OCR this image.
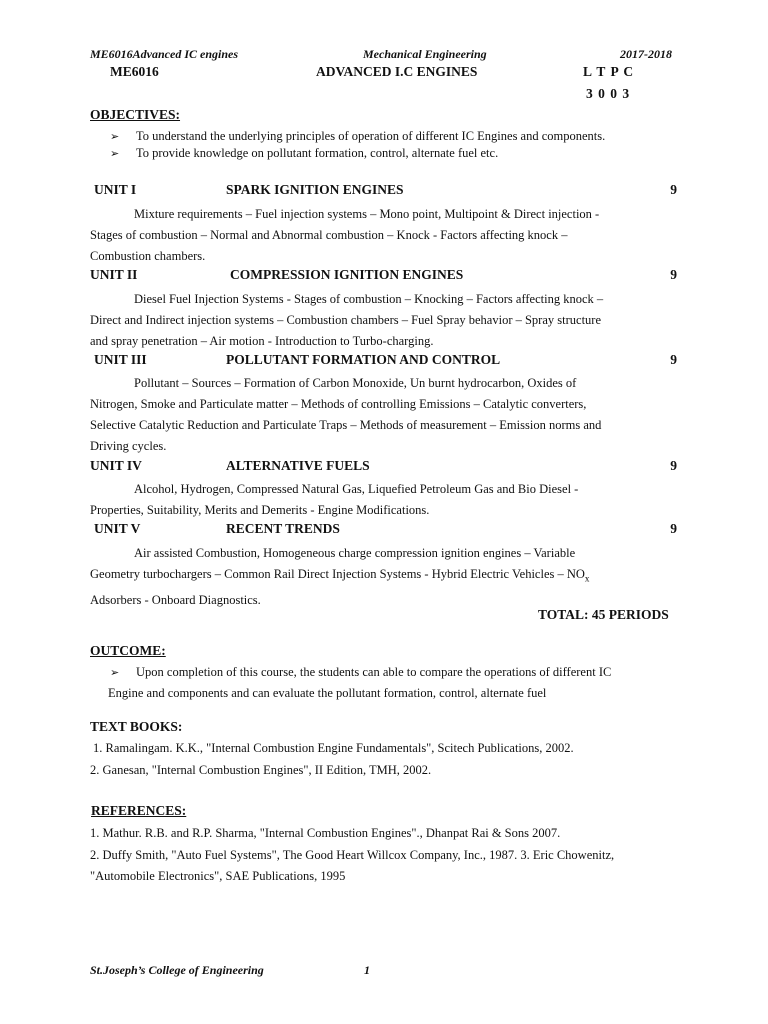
ME6016Advanced IC engines	Mechanical Engineering	2017-2018
ME6016	ADVANCED I.C ENGINES	L T P C
3 0 0 3
OBJECTIVES:
➢ To understand the underlying principles of operation of different IC Engines and components.
➢ To provide knowledge on pollutant formation, control, alternate fuel etc.
UNIT I	SPARK IGNITION ENGINES	9
Mixture requirements – Fuel injection systems – Mono point, Multipoint & Direct injection -
Stages of combustion – Normal and Abnormal combustion – Knock - Factors affecting knock –
Combustion chambers.
UNIT II	COMPRESSION IGNITION ENGINES	9
Diesel Fuel Injection Systems - Stages of combustion – Knocking – Factors affecting knock –
Direct and Indirect injection systems – Combustion chambers – Fuel Spray behavior – Spray structure
and spray penetration – Air motion - Introduction to Turbo-charging.
UNIT III	POLLUTANT FORMATION AND CONTROL	9
Pollutant – Sources – Formation of Carbon Monoxide, Un burnt hydrocarbon, Oxides of
Nitrogen, Smoke and Particulate matter – Methods of controlling Emissions – Catalytic converters,
Selective Catalytic Reduction and Particulate Traps – Methods of measurement – Emission norms and
Driving cycles.
UNIT IV	ALTERNATIVE FUELS	9
Alcohol, Hydrogen, Compressed Natural Gas, Liquefied Petroleum Gas and Bio Diesel -
Properties, Suitability, Merits and Demerits - Engine Modifications.
UNIT V	RECENT TRENDS	9
Air assisted Combustion, Homogeneous charge compression ignition engines – Variable
Geometry turbochargers – Common Rail Direct Injection Systems - Hybrid Electric Vehicles – $NO_x$
Adsorbers - Onboard Diagnostics.
TOTAL: 45 PERIODS
OUTCOME:
➢ Upon completion of this course, the students can able to compare the operations of different IC
Engine and components and can evaluate the pollutant formation, control, alternate fuel
TEXT BOOKS:
1. Ramalingam. K.K., "Internal Combustion Engine Fundamentals", Scitech Publications, 2002.
2. Ganesan, "Internal Combustion Engines", II Edition, TMH, 2002.
REFERENCES:
1. Mathur. R.B. and R.P. Sharma, "Internal Combustion Engines"., Dhanpat Rai & Sons 2007.
2. Duffy Smith, "Auto Fuel Systems", The Good Heart Willcox Company, Inc., 1987. 3. Eric Chowenitz,
"Automobile Electronics", SAE Publications, 1995
St.Joseph’s College of Engineering	1
